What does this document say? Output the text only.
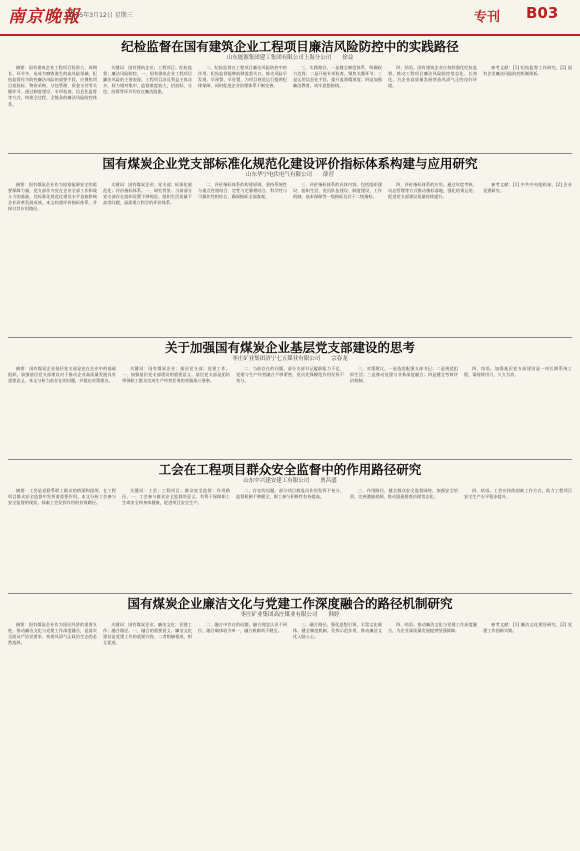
南京晚報
2025年3月12日 星期三	专刊 B03
纪检监督在国有建筑企业工程项目廉洁风险防控中的实践路径
山东能源集团建工集团有限公司上海分公司　　徐益

摘要：国有建筑企业工程项目投资大、周期长、环节多，易成为腐败滋生的高风险领域。纪检监督作为防控廉洁风险的重要手段，应聚焦项目招投标、物资采购、分包管理、资金支付等关键环节，通过制度建设、专项检查、信息化监督等方式，构建全过程、全链条的廉洁风险防控体系。

关键词：国有建筑企业；工程项目；纪检监督；廉洁风险防控。一、国有建筑企业工程项目廉洁风险的主要表现。工程项目涉及利益主体众多，权力相对集中，监督难度较大，招投标、分包、结算等环节均存在廉洁隐患。

二、纪检监督在工程项目廉洁风险防控中的作用。纪检监督能够前移监督关口，推动风险早发现、早预警、早处置，为项目规范运行提供纪律保障，同时促进企业治理体系不断完善。

三、实践路径。一是健全制度体系，明确权力边界；二是开展专项检查，聚焦关键环节；三是运用信息化手段，提升监督精准度；四是加强廉洁教育，筑牢思想防线。

四、结语。国有建筑企业应持续强化纪检监督，推动工程项目廉洁风险防控常态化、长效化，为企业高质量发展营造风清气正的良好环境。

参考文献：[1] 纪检监督工作研究。[2] 国有企业廉洁风险防控机制探析。

国有煤炭企业党支部标准化规范化建设评价指标体系构建与应用研究
山东华宁电伏电气有限公司　　薛营

摘要：国有煤炭企业作为国家能源安全的重要保障力量，党支部作为党在企业全部工作和战斗力的基础，其标准化规范化建设水平直接影响企业改革发展成效。本文构建评价指标体系，并探讨其应用路径。

关键词：国有煤炭企业；党支部；标准化规范化；评价指标体系。一、研究背景。当前部分党支部存在组织设置不够规范、组织生活质量不高等问题，亟需建立科学的评价体系。

二、评价指标体系的构建原则。坚持系统性与重点性相结合、定性与定量相结合、科学性与可操作性相结合，确保指标全面客观。

三、评价指标体系的具体内容。包括组织建设、组织生活、党员队伍建设、制度建设、工作机制、基本保障等一级指标及若干二级指标。

四、评价指标体系的应用。通过年度考核、动态管理等方式推动指标落地，强化结果运用，促进党支部建设质量持续提升。

参考文献：[1] 中共中央组织部。[2] 企业党建研究。

关于加强国有煤炭企业基层党支部建设的思考
枣庄矿业集团济宁七五煤业有限公司　　宗春龙

摘要：国有煤炭企业基层党支部是党在企业中的基础组织，加强基层党支部建设对于推动企业高质量发展具有重要意义。本文分析当前存在的问题，并提出对策建议。

关键词：国有煤炭企业；基层党支部；党建工作。一、加强基层党支部建设的重要意义。基层党支部是团结带领职工群众完成生产经营任务的坚强战斗堡垒。

二、当前存在的问题。部分支部书记履职能力不足，党建与生产经营融合不够紧密，党员先锋模范作用发挥不充分。

三、对策建议。一是选优配强支部书记；二是规范组织生活；三是推动党建与业务深度融合；四是健全考核评价机制。

四、结语。加强基层党支部建设是一项长期系统工程，需持续用力、久久为功。

工会在工程项目群众安全监督中的作用路径研究
山东中兴建安建工有限公司　　贾昌盛

摘要：工会是党联系职工群众的桥梁和纽带，在工程项目群众安全监督中发挥着重要作用。本文分析工会参与安全监督的现状，探索工会发挥作用的有效路径。

关键词：工会；工程项目；群众安全监督；作用路径。一、工会参与群众安全监督的意义。有利于保障职工生命安全和身体健康，促进项目安全生产。

二、存在的问题。部分项目群监员作用发挥不充分，监督机制不够健全，职工参与积极性有待提高。

三、作用路径。健全群众安全监督网络，加强安全培训，完善激励机制，推动隐患排查治理常态化。

四、结语。工会应持续创新工作方式，助力工程项目安全生产水平稳步提升。

国有煤炭企业廉洁文化与党建工作深度融合的路径机制研究
枣庄矿业集团高庄煤业有限公司　　韩婷

摘要：国有煤炭企业作为国民经济的重要支柱，推动廉洁文化与党建工作深度融合，是落实全面从严治党要求、构建风清气正政治生态的必然选择。

关键词：国有煤炭企业；廉洁文化；党建工作；融合路径。一、融合的重要意义。廉洁文化建设是党建工作的重要内容，二者相辅相成、相互促进。

二、融合中存在的问题。融合理念认识不到位，融合载体较为单一，融合机制尚不健全。

三、融合路径。强化思想引领，丰富文化载体，健全制度机制，发挥示范作用，推动廉洁文化入脑入心。

四、结语。推动廉洁文化与党建工作深度融合，为企业高质量发展提供坚强保障。

参考文献：[1] 廉洁文化建设研究。[2] 党建工作创新实践。
